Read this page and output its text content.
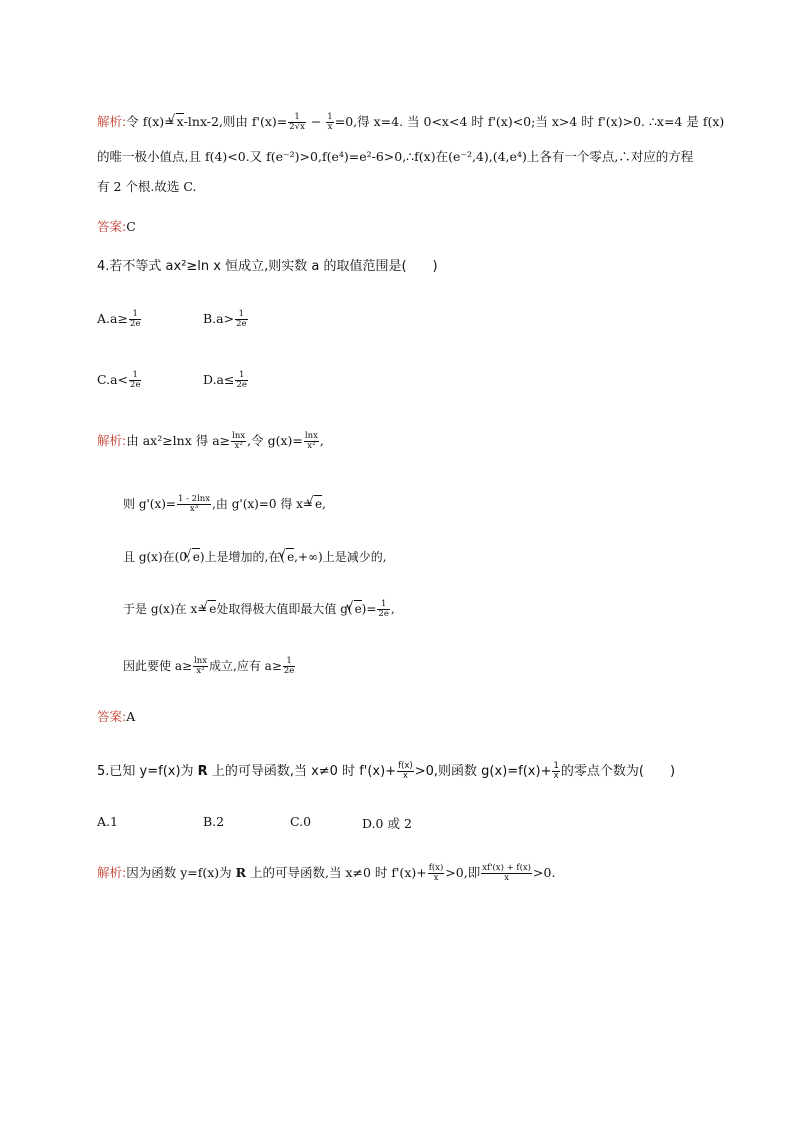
解析:令 f(x)= √ x-lnx-2,则由 $f'(x)= \frac{1}{2√x} - \frac{1}{x} =0$,得 x=4. 当 0<x<4 时 f'(x)<0;当 x>4 时 f'(x)>0. ∴x=4 是 f(x)
的唯一极小值点,且 f(4)<0.又 f(e⁻²)>0,f(e⁴)=e²-6>0,∴f(x)在(e⁻²,4),(4,e⁴)上各有一个零点,∴对应的方程
有 2 个根.故选 C.
答案:C
4.若不等式 ax²≥ln x 恒成立,则实数 a 的取值范围是(　　)
$A.a\ge \frac{1}{2e}$	$B.a> \frac{1}{2e}$
$C.a< \frac{1}{2e}$	$D.a\le \frac{1}{2e}$
解析:由 ax²≥lnx 得 $a\ge \frac{\ln x}{\text{x²}}$ ,令 $g(x)= \frac{\ln x}{\text{x²}}$ ,
则 $g'(x)= \frac{1 - 2\ln x}{\text{x³}}$ ,由 g'(x)=0 得 x= √ e,
且 g(x)在(0, √ e)上是增加的,在( √ e,+∞)上是减少的,
于是 g(x)在 x= √ e处取得极大值即最大值 g( √ $e)= \frac{1}{2e}$ ,
因此要使 $a\ge \frac{\ln x}{\text{x²}}$ 成立,应有 $a\ge \frac{1}{2e}$
答案:A
5.已知 y=f(x)为 R 上的可导函数,当 x≠0 时 $f'(x)+ \frac{f(x)}{x} >0$,则函数 $g(x)=f(x)+ \frac{1}{x}$ 的零点个数为(　　)
A.1	B.2	C.0	D.0 或 2
解析:因为函数 y=f(x)为 R 上的可导函数,当 x≠0 时 $f'(x)+ \frac{f(x)}{x} >0$,即 $\frac{xf'(x) + f(x)}{x} >0$.
